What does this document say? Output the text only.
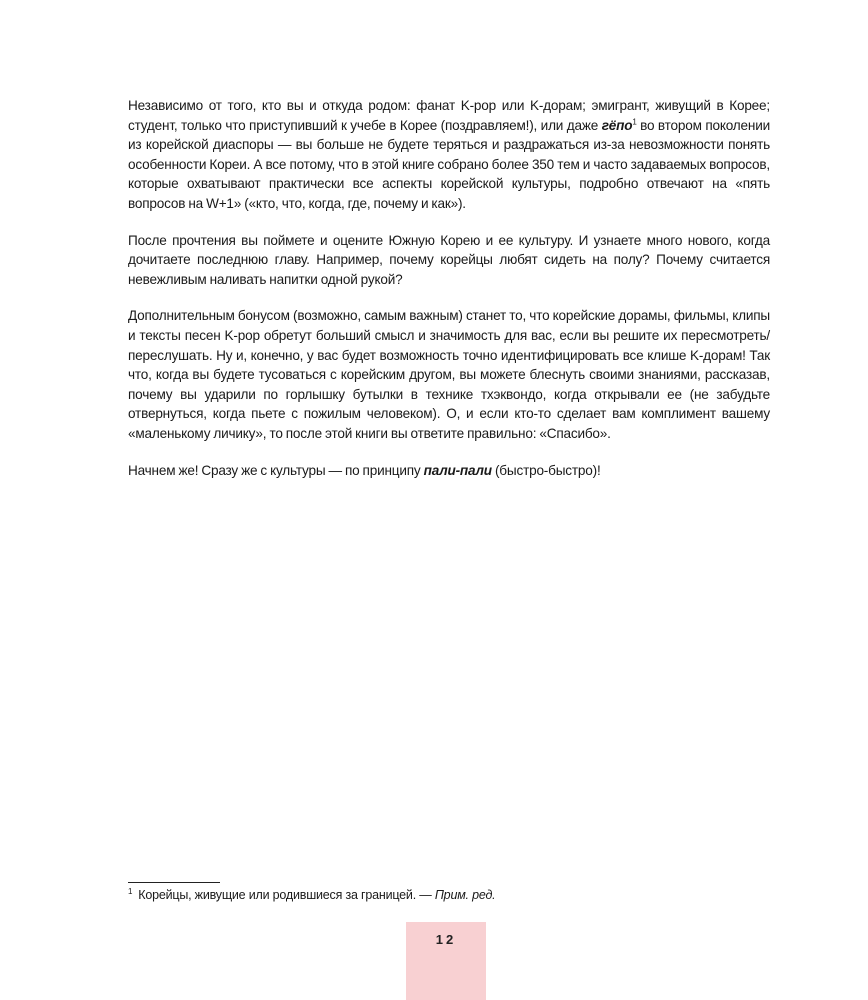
Независимо от того, кто вы и откуда родом: фанат K-pop или K-дорам; эмигрант, живущий в Корее; студент, только что приступивший к учебе в Корее (поздравляем!), или даже гёпо$^1$ во втором поколении из корейской диаспоры — вы больше не будете теряться и раздражаться из-за невозможности понять особенности Кореи. А все потому, что в этой книге собрано более 350 тем и часто задаваемых вопросов, которые охватывают практически все аспекты корейской культуры, подробно отвечают на «пять вопросов на W+1» («кто, что, когда, где, почему и как»).

После прочтения вы поймете и оцените Южную Корею и ее культуру. И узнаете много нового, когда дочитаете последнюю главу. Например, почему корейцы любят сидеть на полу? Почему считается невежливым наливать напитки одной рукой?

Дополнительным бонусом (возможно, самым важным) станет то, что корейские дорамы, фильмы, клипы и тексты песен K-pop обретут больший смысл и значимость для вас, если вы решите их пересмотреть/переслушать. Ну и, конечно, у вас будет возможность точно идентифицировать все клише K-дорам! Так что, когда вы будете тусоваться с корейским другом, вы можете блеснуть своими знаниями, рассказав, почему вы ударили по горлышку бутылки в технике тхэквондо, когда открывали ее (не забудьте отвернуться, когда пьете с пожилым человеком). О, и если кто-то сделает вам комплимент вашему «маленькому личику», то после этой книги вы ответите правильно: «Спасибо».

Начнем же! Сразу же с культуры — по принципу пали-пали (быстро-быстро)!

$^1$ Корейцы, живущие или родившиеся за границей. — Прим. ред.
12
